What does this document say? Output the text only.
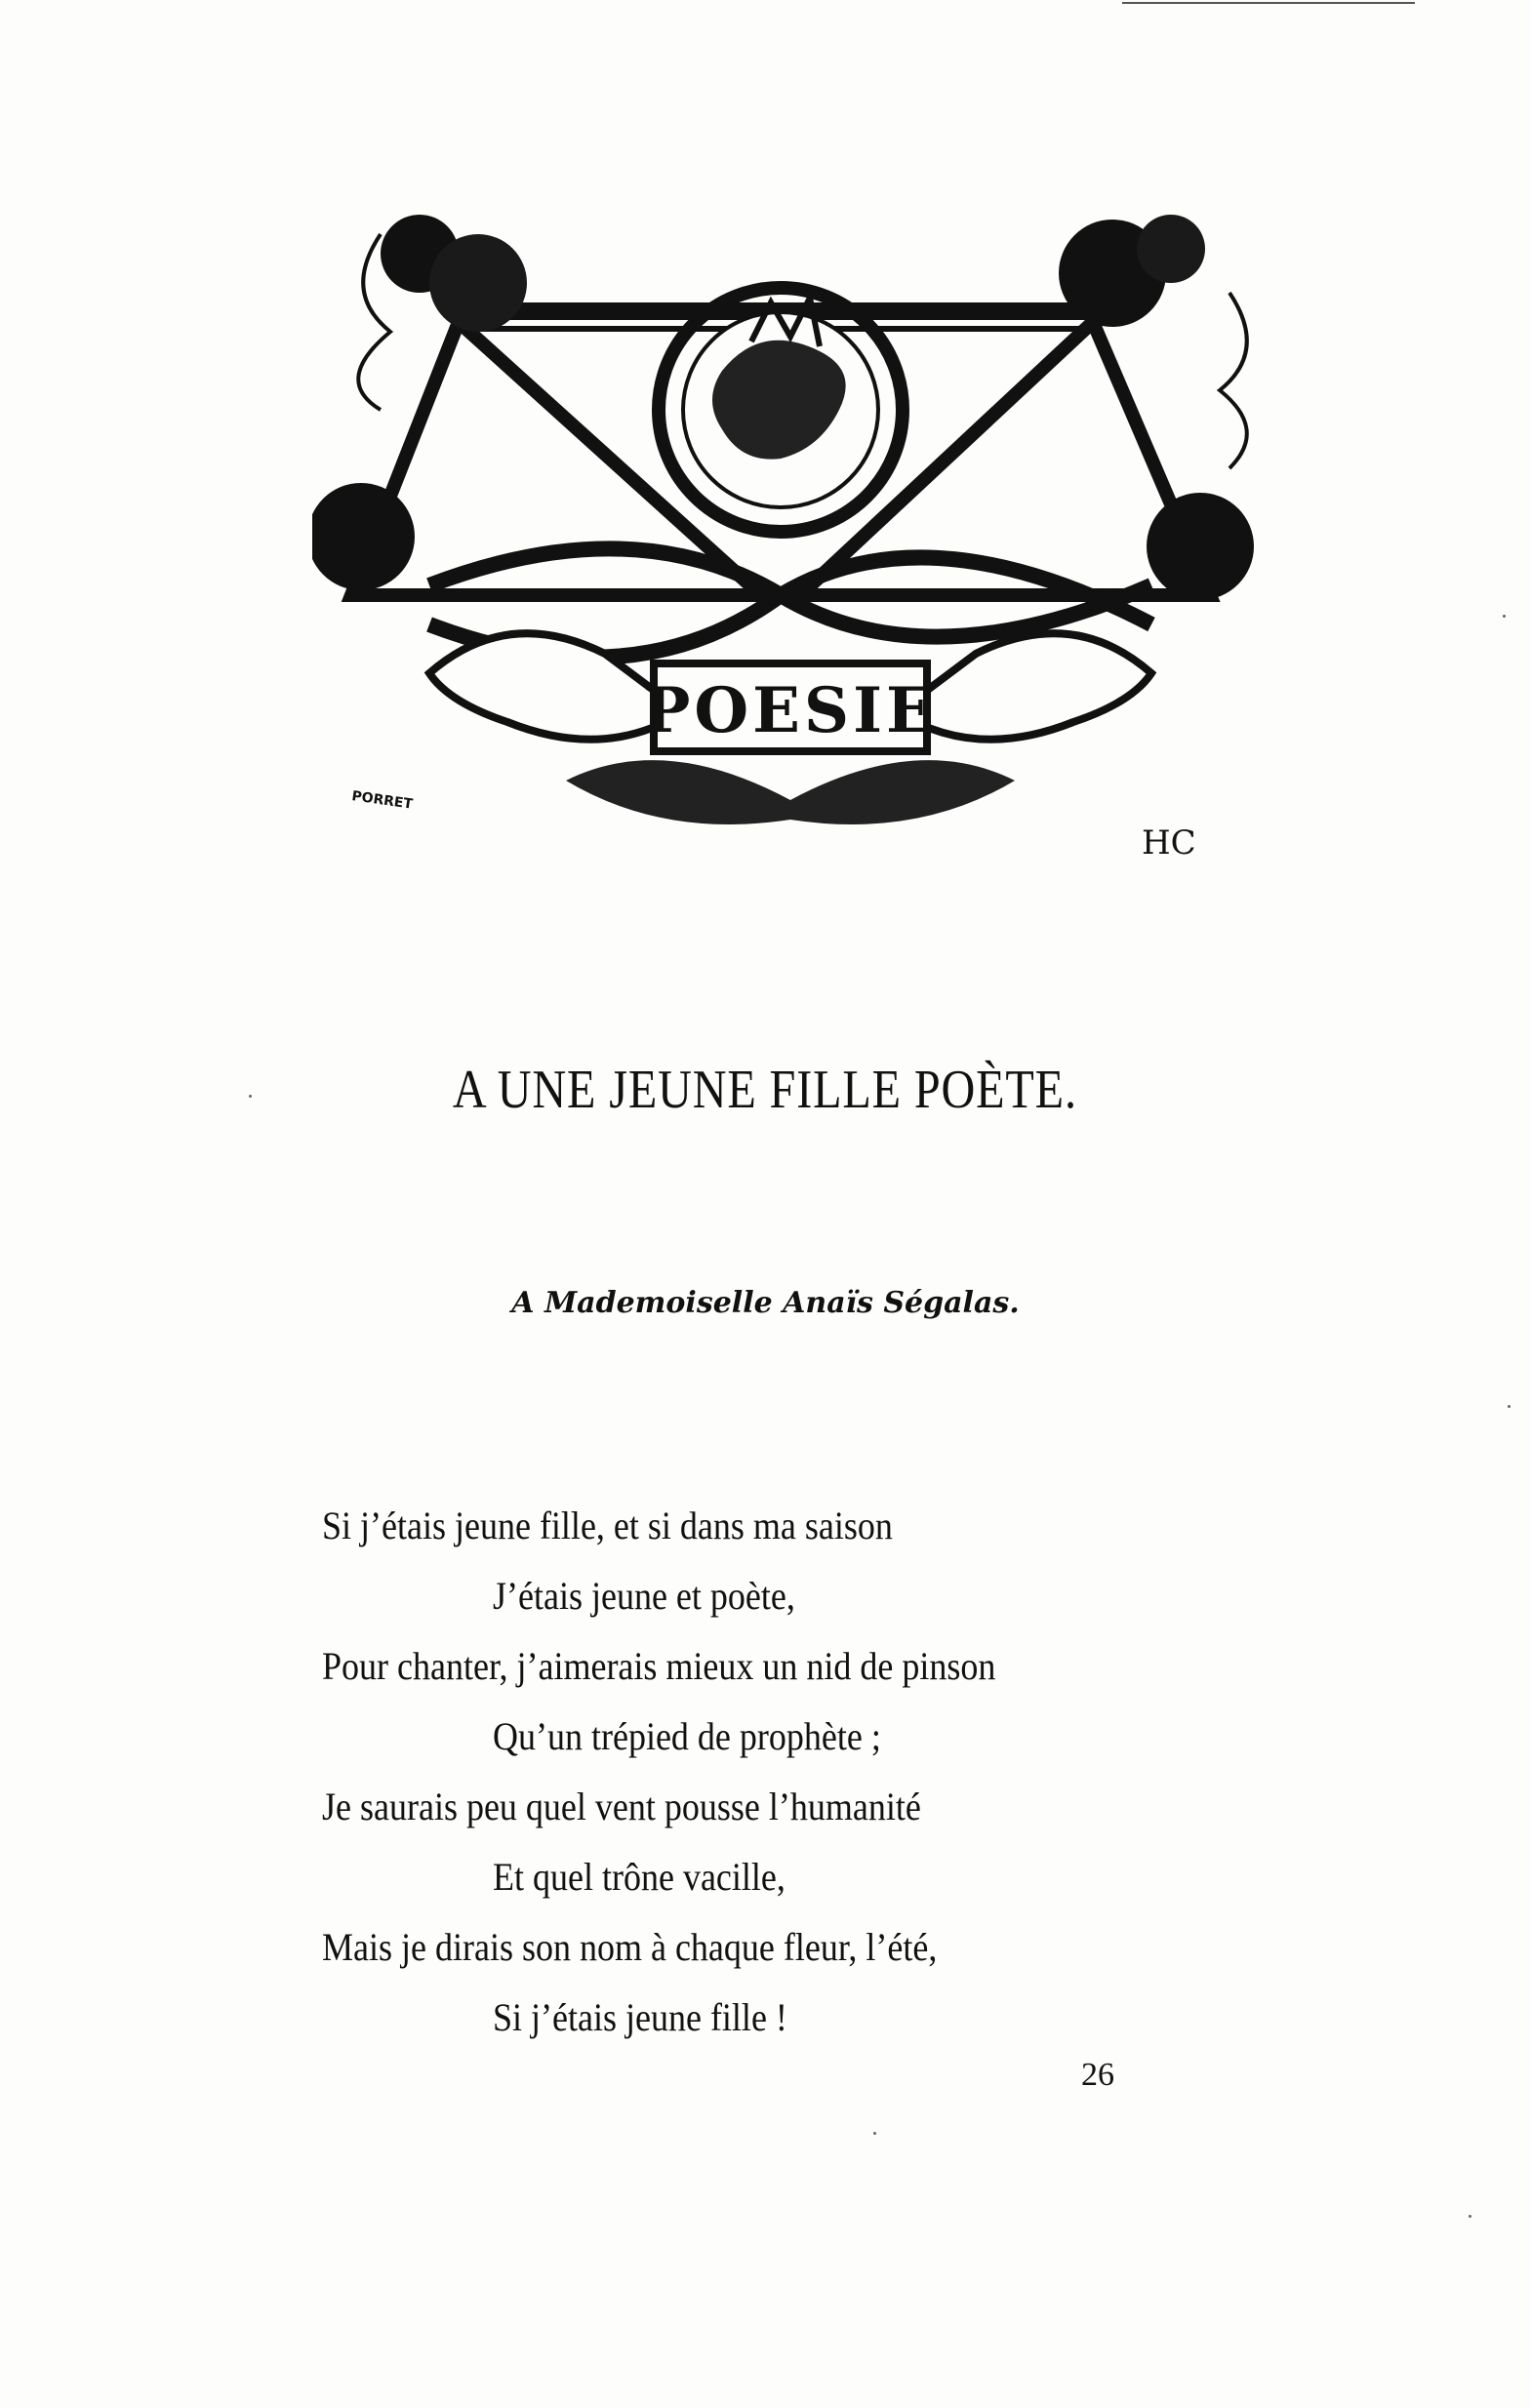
POESIE
PORRET
HC
A UNE JEUNE FILLE POÈTE.
A Mademoiselle Anaïs Ségalas.
Si j’étais jeune fille, et si dans ma saison
J’étais jeune et poète,
Pour chanter, j’aimerais mieux un nid de pinson
Qu’un trépied de prophète ;
Je saurais peu quel vent pousse l’humanité
Et quel trône vacille,
Mais je dirais son nom à chaque fleur, l’été,
Si j’étais jeune fille !
26
